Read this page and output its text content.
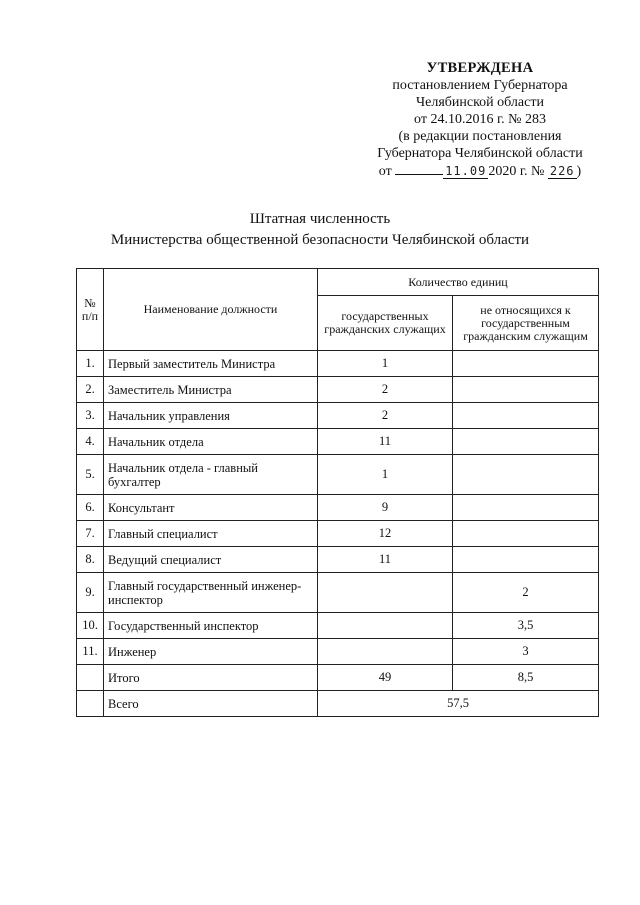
УТВЕРЖДЕНА
постановлением Губернатора
Челябинской области
от 24.10.2016 г. № 283
(в редакции постановления
Губернатора Челябинской области
от	11.09 2020 г. № 226 )
Штатная численность
Министерства общественной безопасности Челябинской области
№ п/п	Наименование должности	Количество единиц	
		государственных гражданских служащих	не относящихся к государственным гражданским служащим
1.	Первый заместитель Министра	1	
2.	Заместитель Министра	2	
3.	Начальник управления	2	
4.	Начальник отдела	11	
5.	Начальник отдела - главный бухгалтер	1	
6.	Консультант	9	
7.	Главный специалист	12	
8.	Ведущий специалист	11	
9.	Главный государственный инженер-инспектор		2
10.	Государственный инспектор		3,5
11.	Инженер		3
	Итого	49	8,5
	Всего	57,5	
